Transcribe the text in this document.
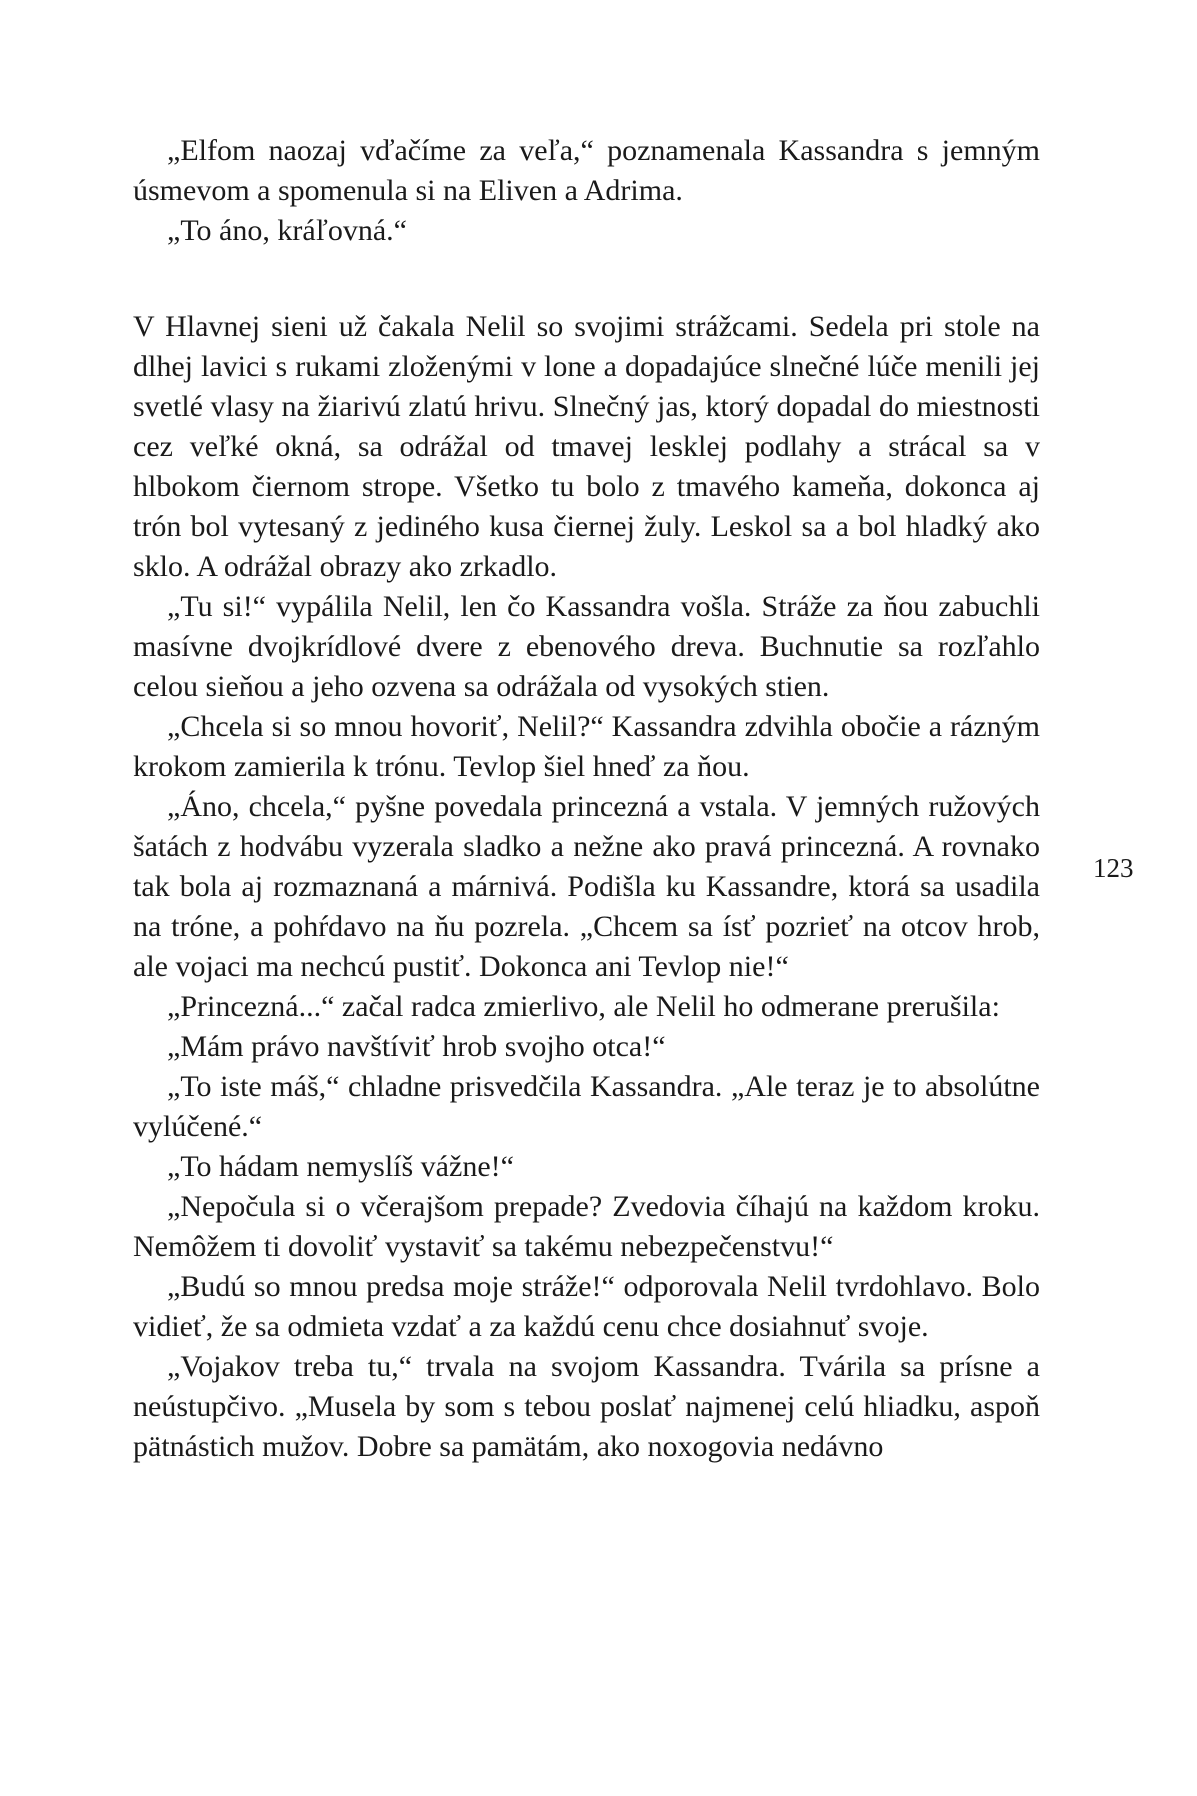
„Elfom naozaj vďačíme za veľa,“ poznamenala Kassandra s jemným úsmevom a spomenula si na Eliven a Adrima.

„To áno, kráľovná.“

V Hlavnej sieni už čakala Nelil so svojimi strážcami. Sedela pri stole na dlhej lavici s rukami zloženými v lone a dopadajúce slnečné lúče menili jej svetlé vlasy na žiarivú zlatú hrivu. Slnečný jas, ktorý dopadal do miestnosti cez veľké okná, sa odrážal od tmavej lesklej podlahy a strácal sa v hlbokom čiernom strope. Všetko tu bolo z tmavého kameňa, dokonca aj trón bol vytesaný z jediného kusa čiernej žuly. Leskol sa a bol hladký ako sklo. A odrážal obrazy ako zrkadlo.

„Tu si!“ vypálila Nelil, len čo Kassandra vošla. Stráže za ňou zabuchli masívne dvojkrídlové dvere z ebenového dreva. Buchnutie sa rozľahlo celou sieňou a jeho ozvena sa odrážala od vysokých stien.

„Chcela si so mnou hovoriť, Nelil?“ Kassandra zdvihla obočie a rázným krokom zamierila k trónu. Tevlop šiel hneď za ňou.

„Áno, chcela,“ pyšne povedala princezná a vstala. V jemných ružových šatách z hodvábu vyzerala sladko a nežne ako pravá princezná. A rovnako tak bola aj rozmaznaná a márnivá. Podišla ku Kassandre, ktorá sa usadila na tróne, a pohŕdavo na ňu pozrela. „Chcem sa ísť pozrieť na otcov hrob, ale vojaci ma nechcú pustiť. Dokonca ani Tevlop nie!“

„Princezná...“ začal radca zmierlivo, ale Nelil ho odmerane prerušila:

„Mám právo navštíviť hrob svojho otca!“

„To iste máš,“ chladne prisvedčila Kassandra. „Ale teraz je to absolútne vylúčené.“

„To hádam nemyslíš vážne!“

„Nepočula si o včerajšom prepade? Zvedovia číhajú na každom kroku. Nemôžem ti dovoliť vystaviť sa takému nebezpečenstvu!“

„Budú so mnou predsa moje stráže!“ odporovala Nelil tvrdohlavo. Bolo vidieť, že sa odmieta vzdať a za každú cenu chce dosiahnuť svoje.

„Vojakov treba tu,“ trvala na svojom Kassandra. Tvárila sa prísne a neústupčivo. „Musela by som s tebou poslať najmenej celú hliadku, aspoň pätnástich mužov. Dobre sa pamätám, ako noxogovia nedávno

123
